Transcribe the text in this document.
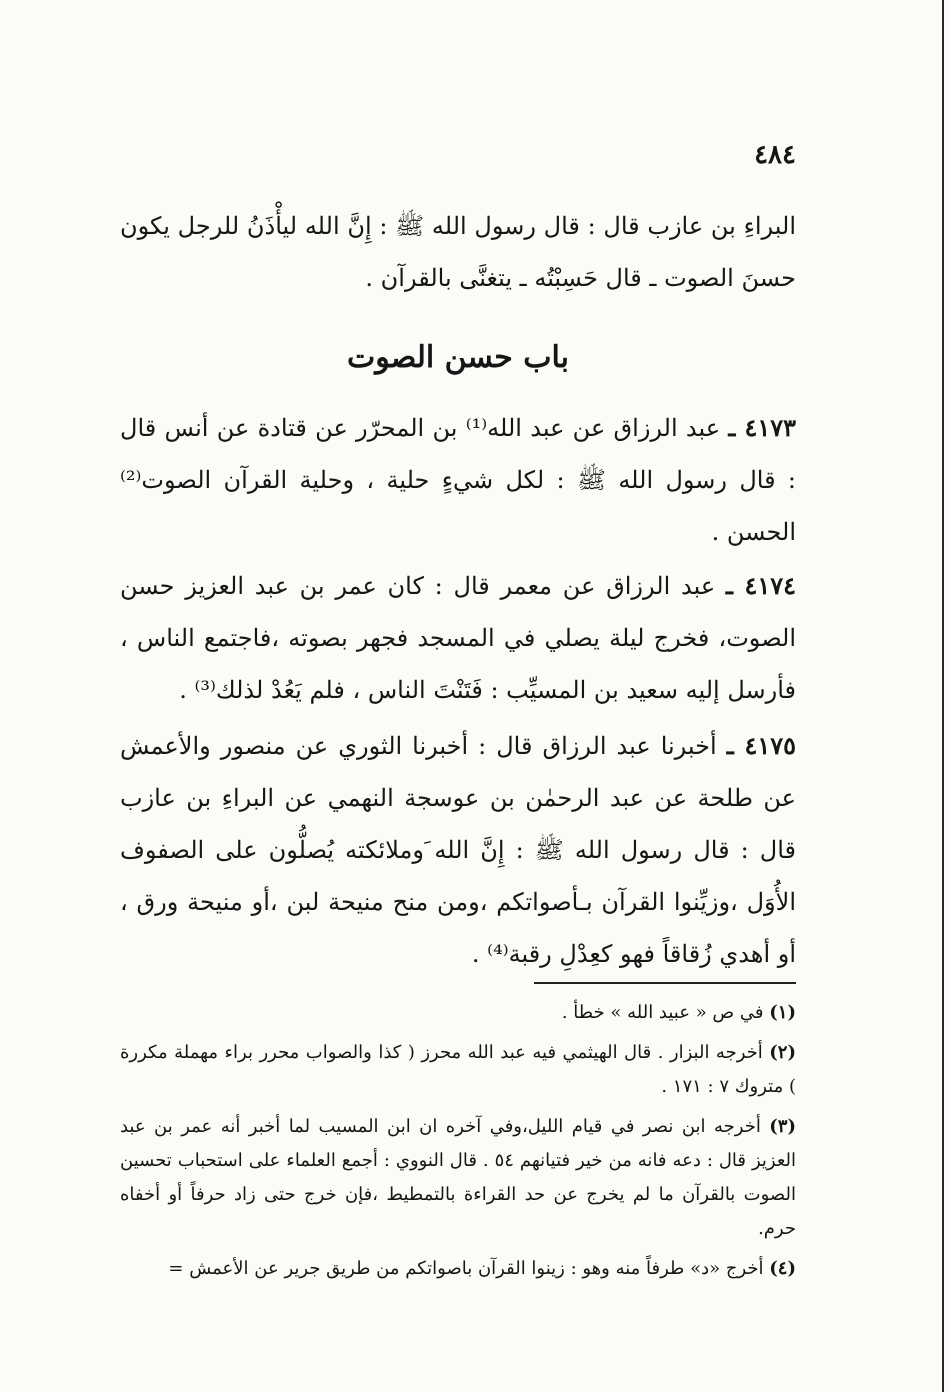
٤٨٤

البراءِ بن عازب قال : قال رسول الله ﷺ : إِنَّ الله ليأْذَنُ للرجل يكون حسنَ الصوت ـ قال حَسِبْتُه ـ يتغنَّى بالقرآن .

باب حسن الصوت

٤١٧٣ ـ عبد الرزاق عن عبد الله⁽¹⁾ بن المحرّر عن قتادة عن أنس قال : قال رسول الله ﷺ : لكل شيءٍ حلية ، وحلية القرآن الصوت⁽²⁾ الحسن .

٤١٧٤ ـ عبد الرزاق عن معمر قال : كان عمر بن عبد العزيز حسن الصوت، فخرج ليلة يصلي في المسجد فجهر بصوته ،فاجتمع الناس ، فأرسل إليه سعيد بن المسيِّب : فَتَنْتَ الناس ، فلم يَعُدْ لذلك⁽³⁾ .

٤١٧٥ ـ أخبرنا عبد الرزاق قال : أخبرنا الثوري عن منصور والأعمش عن طلحة عن عبد الرحمٰن بن عوسجة النهمي عن البراءِ بن عازب قال : قال رسول الله ﷺ : إِنَّ الله َوملائكته يُصلُّون على الصفوف الأُوَل ،وزيِّنوا القرآن بـأصواتكم ،ومن منح منيحة لبن ،أو منيحة ورق ، أو أهدي زُقاقاً فهو كعِدْلِ رقبة⁽⁴⁾ .

(١) في ص « عبيد الله » خطأ .

(٢) أخرجه البزار . قال الهيثمي فيه عبد الله محرز ( كذا والصواب محرر براء مهملة مكررة ) متروك ٧ : ١٧١ .

(٣) أخرجه ابن نصر في قيام الليل،وفي آخره ان ابن المسيب لما أخبر أنه عمر بن عبد العزيز قال : دعه فانه من خير فتيانهم ٥٤ . قال النووي : أجمع العلماء على استحباب تحسين الصوت بالقرآن ما لم يخرج عن حد القراءة بالتمطيط ،فإن خرج حتى زاد حرفاً أو أخفاه حرم.

(٤) أخرج «د» طرفاً منه وهو : زينوا القرآن باصواتكم من طريق جرير عن الأعمش =
